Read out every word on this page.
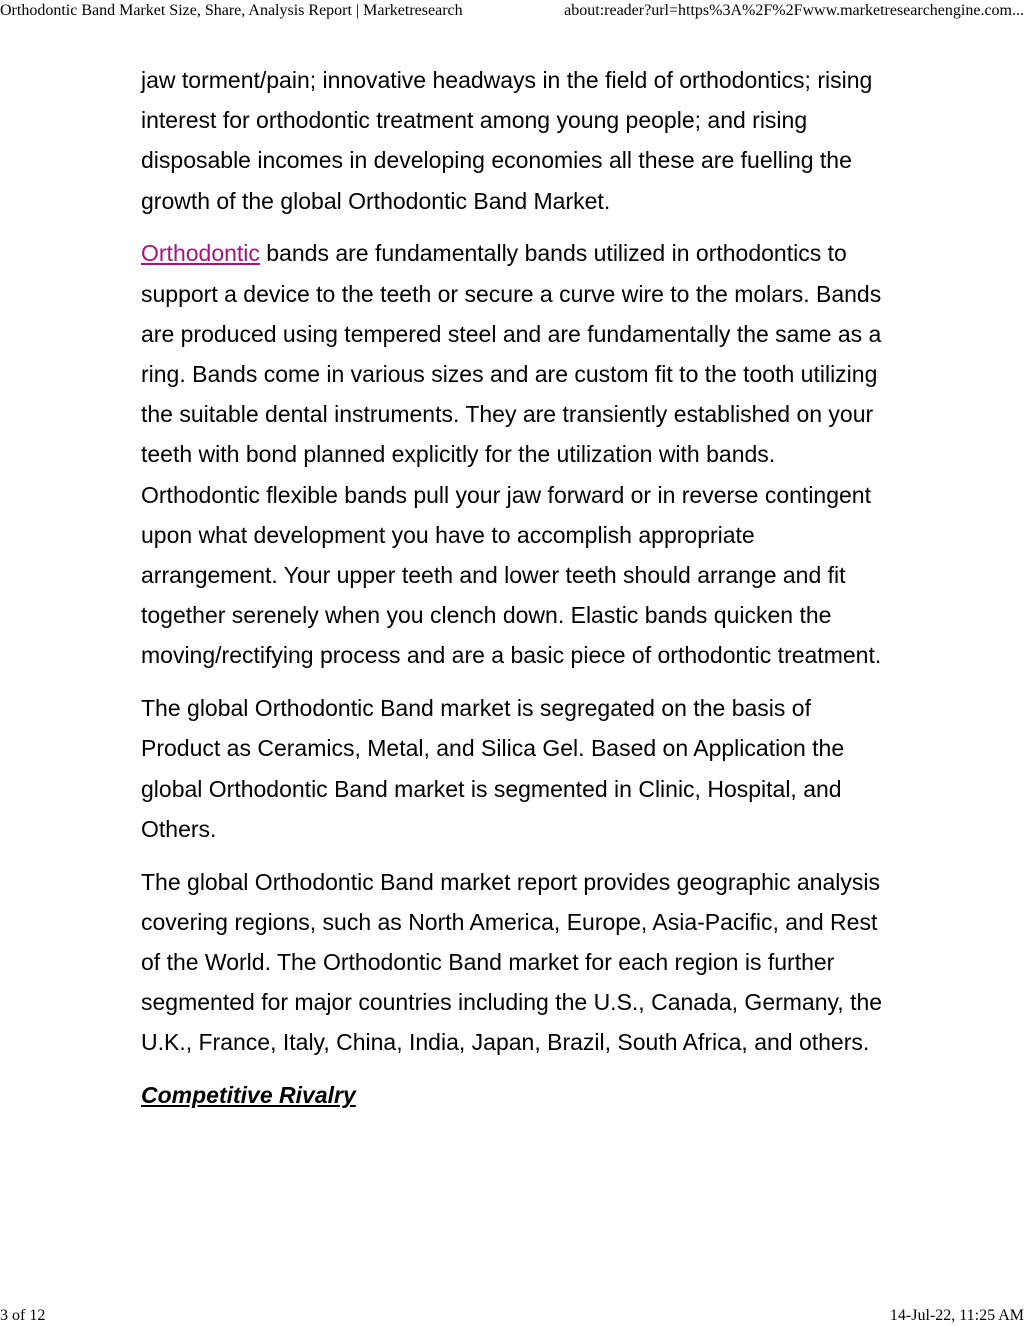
Orthodontic Band Market Size, Share, Analysis Report | Marketresearch	about:reader?url=https%3A%2F%2Fwww.marketresearchengine.com...

jaw torment/pain; innovative headways in the field of orthodontics; rising interest for orthodontic treatment among young people; and rising disposable incomes in developing economies all these are fuelling the growth of the global Orthodontic Band Market.

Orthodontic bands are fundamentally bands utilized in orthodontics to support a device to the teeth or secure a curve wire to the molars. Bands are produced using tempered steel and are fundamentally the same as a ring. Bands come in various sizes and are custom fit to the tooth utilizing the suitable dental instruments. They are transiently established on your teeth with bond planned explicitly for the utilization with bands. Orthodontic flexible bands pull your jaw forward or in reverse contingent upon what development you have to accomplish appropriate arrangement. Your upper teeth and lower teeth should arrange and fit together serenely when you clench down. Elastic bands quicken the moving/rectifying process and are a basic piece of orthodontic treatment.

The global Orthodontic Band market is segregated on the basis of Product as Ceramics, Metal, and Silica Gel. Based on Application the global Orthodontic Band market is segmented in Clinic, Hospital, and Others.

The global Orthodontic Band market report provides geographic analysis covering regions, such as North America, Europe, Asia-Pacific, and Rest of the World. The Orthodontic Band market for each region is further segmented for major countries including the U.S., Canada, Germany, the U.K., France, Italy, China, India, Japan, Brazil, South Africa, and others.

Competitive Rivalry
3 of 12	14-Jul-22, 11:25 AM
